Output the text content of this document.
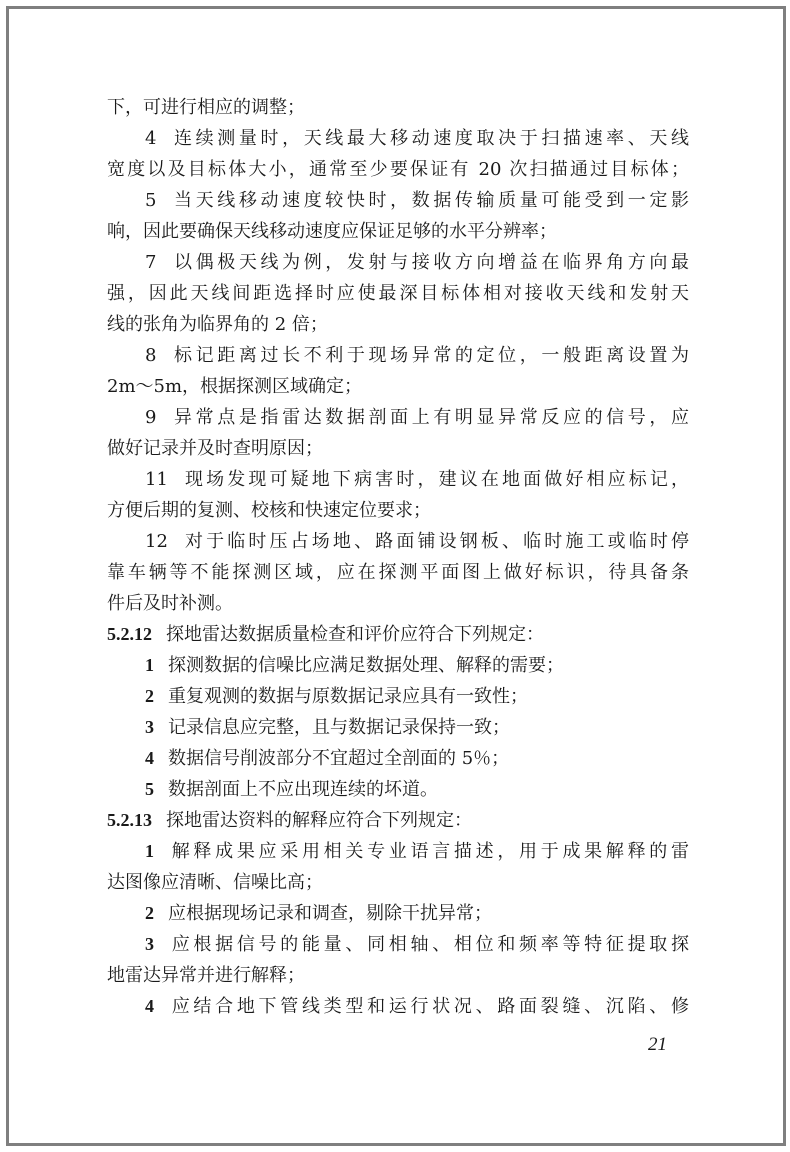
下，可进行相应的调整；
4 连续测量时，天线最大移动速度取决于扫描速率、天线
宽度以及目标体大小，通常至少要保证有 20 次扫描通过目标体；
5 当天线移动速度较快时，数据传输质量可能受到一定影
响，因此要确保天线移动速度应保证足够的水平分辨率；
7 以偶极天线为例，发射与接收方向增益在临界角方向最
强，因此天线间距选择时应使最深目标体相对接收天线和发射天
线的张角为临界角的 2 倍；
8 标记距离过长不利于现场异常的定位，一般距离设置为
2m～5m，根据探测区域确定；
9 异常点是指雷达数据剖面上有明显异常反应的信号，应
做好记录并及时查明原因；
11 现场发现可疑地下病害时，建议在地面做好相应标记，
方便后期的复测、校核和快速定位要求；
12 对于临时压占场地、路面铺设钢板、临时施工或临时停
靠车辆等不能探测区域，应在探测平面图上做好标识，待具备条
件后及时补测。
5.2.12 探地雷达数据质量检查和评价应符合下列规定：
1 探测数据的信噪比应满足数据处理、解释的需要；
2 重复观测的数据与原数据记录应具有一致性；
3 记录信息应完整，且与数据记录保持一致；
4 数据信号削波部分不宜超过全剖面的 5％；
5 数据剖面上不应出现连续的坏道。
5.2.13 探地雷达资料的解释应符合下列规定：
1 解释成果应采用相关专业语言描述，用于成果解释的雷
达图像应清晰、信噪比高；
2 应根据现场记录和调查，剔除干扰异常；
3 应根据信号的能量、同相轴、相位和频率等特征提取探
地雷达异常并进行解释；
4 应结合地下管线类型和运行状况、路面裂缝、沉陷、修
21
